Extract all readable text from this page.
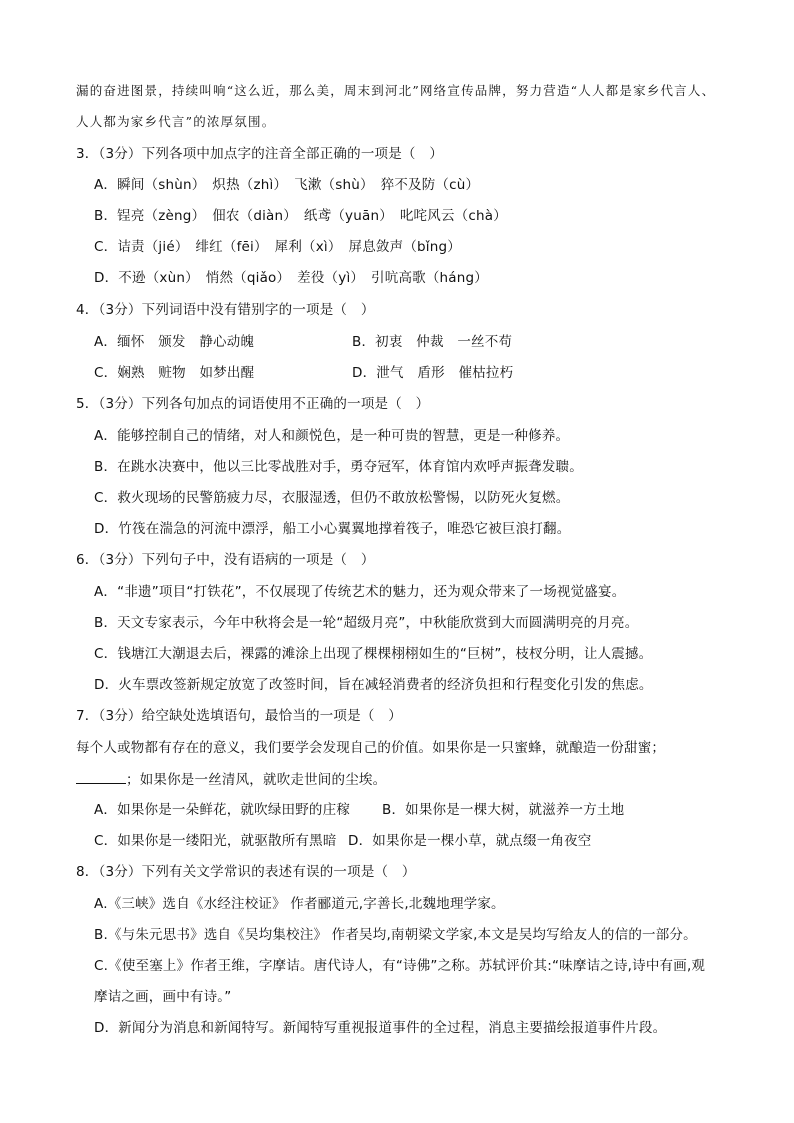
漏的奋进图景，持续叫响“这么近，那么美，周末到河北”网络宣传品牌，努力营造“人人都是家乡代言人、
人人都为家乡代言”的浓厚氛围。
3．（3分）下列各项中加点字的注音全部正确的一项是（　）
A．瞬间（shùn）　炽热（zhì）　飞漱（shù）　猝不及防（cù）
B．锃亮（zèng）　佃农（diàn）　纸鸢（yuān）　叱咤风云（chà）
C．诘责（jié）　绯红（fēi）　犀利（xì）　屏息敛声（bǐng）
D．不逊（xùn）　悄然（qiǎo）　差役（yì）　引吭高歌（háng）
4．（3分）下列词语中没有错别字的一项是（　）
A．缅怀　颁发　静心动魄	B．初衷　仲裁　一丝不苟
C．娴熟　赃物　如梦出醒	D．泄气　盾形　催枯拉朽
5．（3分）下列各句加点的词语使用不正确的一项是（　）
A．能够控制自己的情绪，对人和颜悦色，是一种可贵的智慧，更是一种修养。
B．在跳水决赛中，他以三比零战胜对手，勇夺冠军，体育馆内欢呼声振聋发聩。
C．救火现场的民警筋疲力尽，衣服湿透，但仍不敢放松警惕，以防死火复燃。
D．竹筏在湍急的河流中漂浮，船工小心翼翼地撑着筏子，唯恐它被巨浪打翻。
6．（3分）下列句子中，没有语病的一项是（　）
A．“非遗”项目“打铁花”，不仅展现了传统艺术的魅力，还为观众带来了一场视觉盛宴。
B．天文专家表示，今年中秋将会是一轮“超级月亮”，中秋能欣赏到大而圆满明亮的月亮。
C．钱塘江大潮退去后，裸露的滩涂上出现了棵棵栩栩如生的“巨树”，枝杈分明，让人震撼。
D．火车票改签新规定放宽了改签时间，旨在减轻消费者的经济负担和行程变化引发的焦虑。
7．（3分）给空缺处选填语句，最恰当的一项是（　）
每个人或物都有存在的意义，我们要学会发现自己的价值。如果你是一只蜜蜂，就酿造一份甜蜜；
；如果你是一丝清风，就吹走世间的尘埃。
A．如果你是一朵鲜花，就吹绿田野的庄稼 B．如果你是一棵大树，就滋养一方土地
C．如果你是一缕阳光，就驱散所有黑暗 D．如果你是一棵小草，就点缀一角夜空
8．（3分）下列有关文学常识的表述有误的一项是（　）
A.《三峡》选自《水经注校证》 作者郦道元,字善长,北魏地理学家。
B.《与朱元思书》选自《吴均集校注》 作者吴均,南朝梁文学家,本文是吴均写给友人的信的一部分。
C.《使至塞上》作者王维，字摩诘。唐代诗人，有“诗佛”之称。苏轼评价其:“味摩诘之诗,诗中有画,观
摩诘之画，画中有诗。”
D．新闻分为消息和新闻特写。新闻特写重视报道事件的全过程，消息主要描绘报道事件片段。
